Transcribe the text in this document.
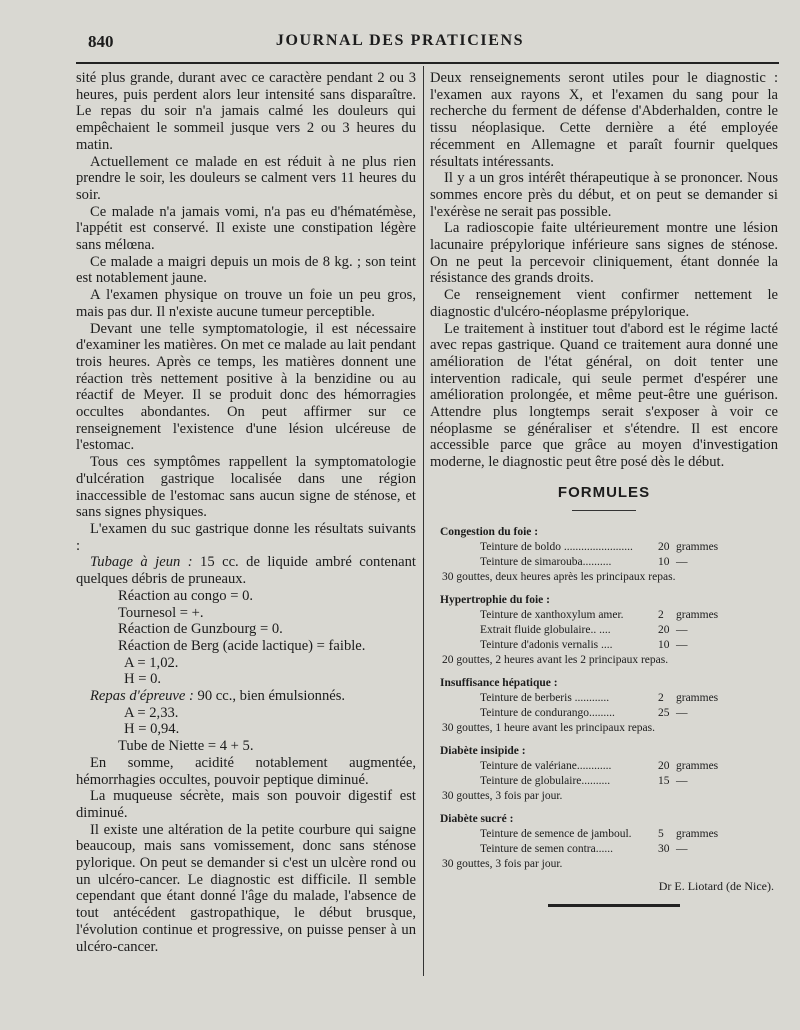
840	JOURNAL DES PRATICIENS

sité plus grande, durant avec ce caractère pendant 2 ou 3 heures, puis perdent alors leur intensité sans disparaître. Le repas du soir n'a jamais calmé les douleurs qui empêchaient le sommeil jusque vers 2 ou 3 heures du matin.

Actuellement ce malade en est réduit à ne plus rien prendre le soir, les douleurs se calment vers 11 heures du soir.

Ce malade n'a jamais vomi, n'a pas eu d'hématémèse, l'appétit est conservé. Il existe une constipation légère sans mélœna.

Ce malade a maigri depuis un mois de 8 kg. ; son teint est notablement jaune.

A l'examen physique on trouve un foie un peu gros, mais pas dur. Il n'existe aucune tumeur perceptible.

Devant une telle symptomatologie, il est nécessaire d'examiner les matières. On met ce malade au lait pendant trois heures. Après ce temps, les matières donnent une réaction très nettement positive à la benzidine ou au réactif de Meyer. Il se produit donc des hémorragies occultes abondantes. On peut affirmer sur ce renseignement l'existence d'une lésion ulcéreuse de l'estomac.

Tous ces symptômes rappellent la symptomatologie d'ulcération gastrique localisée dans une région inaccessible de l'estomac sans aucun signe de sténose, et sans signes physiques.

L'examen du suc gastrique donne les résultats suivants :

Tubage à jeun : 15 cc. de liquide ambré contenant quelques débris de pruneaux.

Réaction au congo = 0.

Tournesol = +.

Réaction de Gunzbourg = 0.

Réaction de Berg (acide lactique) = faible.

A = 1,02.

H = 0.

Repas d'épreuve : 90 cc., bien émulsionnés.

A = 2,33.

H = 0,94.

Tube de Niette = 4 + 5.

En somme, acidité notablement augmentée, hémorrhagies occultes, pouvoir peptique diminué.

La muqueuse sécrète, mais son pouvoir digestif est diminué.

Il existe une altération de la petite courbure qui saigne beaucoup, mais sans vomissement, donc sans sténose pylorique. On peut se demander si c'est un ulcère rond ou un ulcéro-cancer. Le diagnostic est difficile. Il semble cependant que étant donné l'âge du malade, l'absence de tout antécédent gastropathique, le début brusque, l'évolution continue et progressive, on puisse penser à un ulcéro-cancer.

Deux renseignements seront utiles pour le diagnostic : l'examen aux rayons X, et l'examen du sang pour la recherche du ferment de défense d'Abderhalden, contre le tissu néoplasique. Cette dernière a été employée récemment en Allemagne et paraît fournir quelques résultats intéressants.

Il y a un gros intérêt thérapeutique à se prononcer. Nous sommes encore près du début, et on peut se demander si l'exérèse ne serait pas possible.

La radioscopie faite ultérieurement montre une lésion lacunaire prépylorique inférieure sans signes de sténose. On ne peut la percevoir cliniquement, étant donnée la résistance des grands droits.

Ce renseignement vient confirmer nettement le diagnostic d'ulcéro-néoplasme prépylorique.

Le traitement à instituer tout d'abord est le régime lacté avec repas gastrique. Quand ce traitement aura donné une amélioration de l'état général, on doit tenter une intervention radicale, qui seule permet d'espérer une amélioration prolongée, et même peut-être une guérison. Attendre plus longtemps serait s'exposer à voir ce néoplasme se généraliser et s'étendre. Il est encore accessible parce que grâce au moyen d'investigation moderne, le diagnostic peut être posé dès le début.

FORMULES
Congestion du foie :
Teinture de boldo ........................ 20 grammes
Teinture de simarouba..........	10 —
30 gouttes, deux heures après les principaux repas.
Hypertrophie du foie :
Teinture de xanthoxylum amer.	2 grammes
Extrait fluide globulaire.. ....	20 —
Teinture d'adonis vernalis ....	10 —
20 gouttes, 2 heures avant les 2 principaux repas.
Insuffisance hépatique :
Teinture de berberis ............	2 grammes
Teinture de condurango.........	25 —
30 gouttes, 1 heure avant les principaux repas.
Diabète insipide :
Teinture de valériane............	20 grammes
Teinture de globulaire..........	15 —
30 gouttes, 3 fois par jour.
Diabète sucré :
Teinture de semence de jamboul. 5 grammes
Teinture de semen contra......	30 —
30 gouttes, 3 fois par jour.
Dr E. Liotard (de Nice).
